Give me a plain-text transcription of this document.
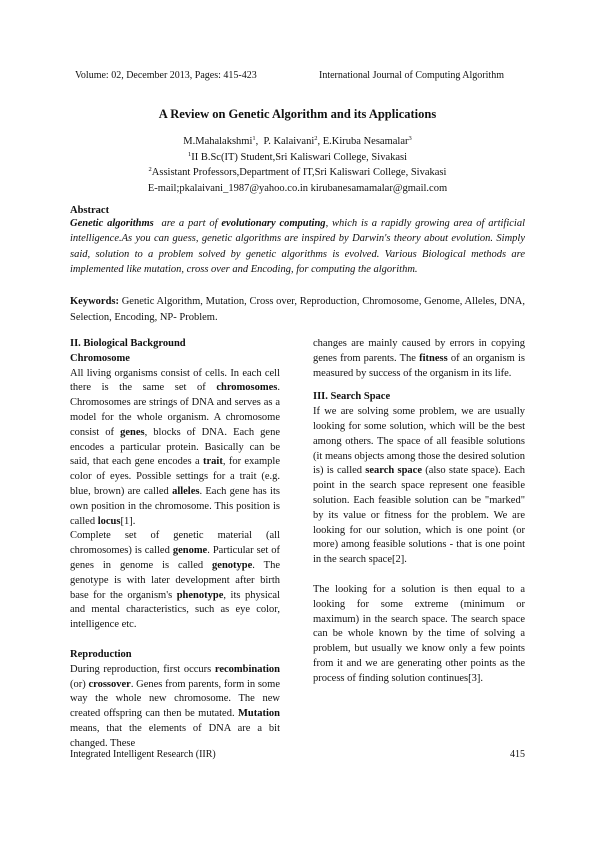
Volume: 02, December 2013, Pages: 415-423	International Journal of Computing Algorithm
A Review on Genetic Algorithm and its Applications
M.Mahalakshmi$^1$,  P. Kalaivani$^2$, E.Kiruba Nesamalar$^3$
$^1$II B.Sc(IT) Student,Sri Kaliswari College, Sivakasi
$^2$Assistant Professors,Department of IT,Sri Kaliswari College, Sivakasi
E-mail;pkalaivani_1987@yahoo.co.in kirubanesamamalar@gmail.com
Abstract
Genetic algorithms  are a part of evolutionary computing, which is a rapidly growing area of artificial intelligence.As you can guess, genetic algorithms are inspired by Darwin's theory about evolution. Simply said, solution to a problem solved by genetic algorithms is evolved. Various Biological methods are implemented like mutation, cross over and Encoding, for computing the algorithm.
Keywords: Genetic Algorithm, Mutation, Cross over, Reproduction, Chromosome, Genome, Alleles, DNA, Selection, Encoding, NP- Problem.
II. Biological Background
Chromosome

All living organisms consist of cells. In each cell there is the same set of chromosomes. Chromosomes are strings of DNA and serves as a model for the whole organism. A chromosome consist of genes, blocks of DNA. Each gene encodes a particular protein. Basically can be said, that each gene encodes a trait, for example color of eyes. Possible settings for a trait (e.g. blue, brown) are called alleles. Each gene has its own position in the chromosome. This position is called locus[1].

Complete set of genetic material (all chromosomes) is called genome. Particular set of genes in genome is called genotype. The genotype is with later development after birth base for the organism's phenotype, its physical and mental characteristics, such as eye color, intelligence etc.

Reproduction

During reproduction, first occurs recombination (or) crossover. Genes from parents, form in some way the whole new chromosome. The new created offspring can then be mutated. Mutation  means, that the elements of DNA are a bit changed. These

changes are mainly caused by errors in copying genes from parents. The fitness of an organism is measured by success of the organism in its life.

III. Search Space

If we are solving some problem, we are usually looking for some solution, which will be the best among others. The space of all feasible solutions (it means objects among those the desired solution is) is called search space (also state space). Each point in the search space represent one feasible solution. Each feasible solution can be "marked" by its value or fitness for the problem. We are looking for our solution, which is one point (or more) among feasible solutions - that is one point in the search space[2].

The looking for a solution is then equal to a looking for some extreme (minimum or maximum) in the search space. The search space can be whole known by the time of solving a problem, but usually we know only a few points from it and we are generating other points as the process of finding solution continues[3].

Integrated Intelligent Research (IIR)	415
